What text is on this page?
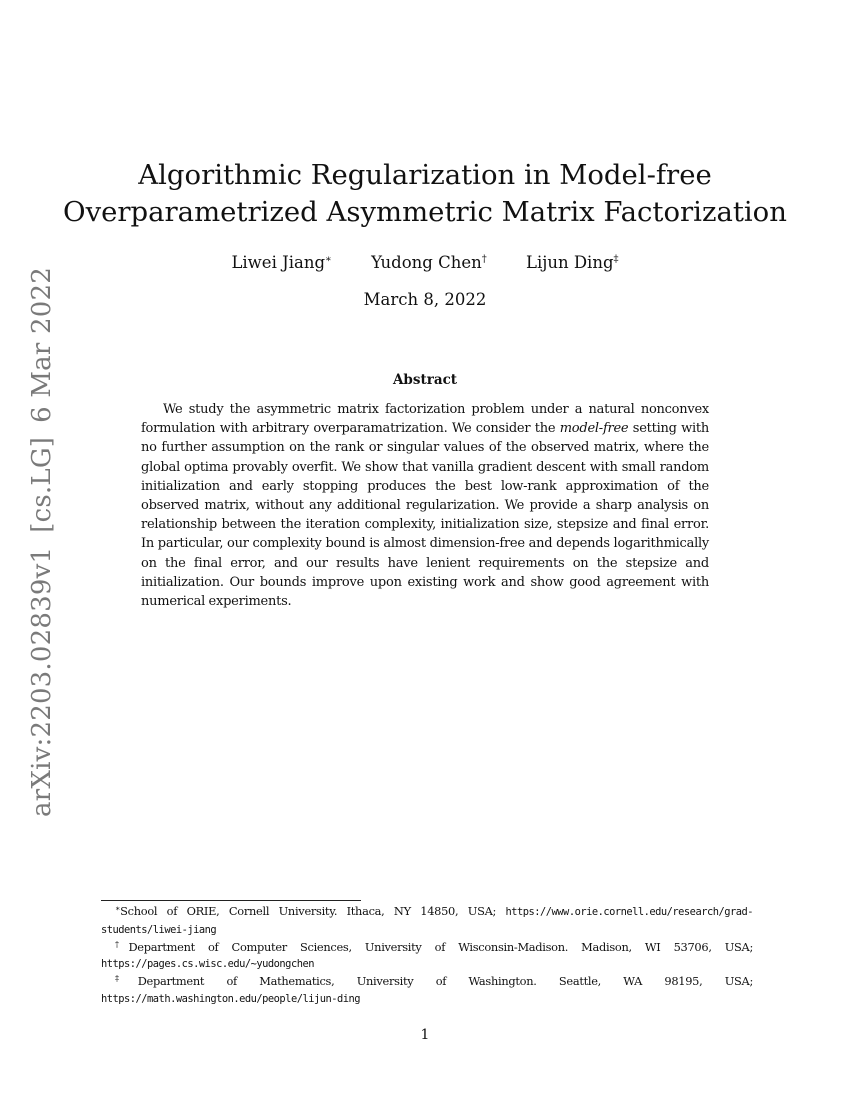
arXiv:2203.02839v1[cs.LG]6 Mar 2022
Algorithmic Regularization in Model-free
Overparametrized Asymmetric Matrix Factorization
Liwei Jiang∗ Yudong Chen† Lijun Ding‡
March 8, 2022
Abstract

We study the asymmetric matrix factorization problem under a natural nonconvex formulation with arbitrary overparamatrization. We consider the model-free setting with no further assumption on the rank or singular values of the observed matrix, where the global optima provably overfit. We show that vanilla gradient descent with small random initialization and early stopping produces the best low-rank approximation of the observed matrix, without any additional regularization. We provide a sharp analysis on relationship between the iteration complexity, initialization size, stepsize and final error. In particular, our complexity bound is almost dimension-free and depends logarithmically on the final error, and our results have lenient requirements on the stepsize and initialization. Our bounds improve upon existing work and show good agreement with numerical experiments.

∗School of ORIE, Cornell University. Ithaca, NY 14850, USA; https://www.orie.cornell.edu/research/grad-students/liwei-jiang

†Department of Computer Sciences, University of Wisconsin-Madison. Madison, WI 53706, USA; https://pages.cs.wisc.edu/~yudongchen

‡Department of Mathematics, University of Washington. Seattle, WA 98195, USA; https://math.washington.edu/people/lijun-ding

1
